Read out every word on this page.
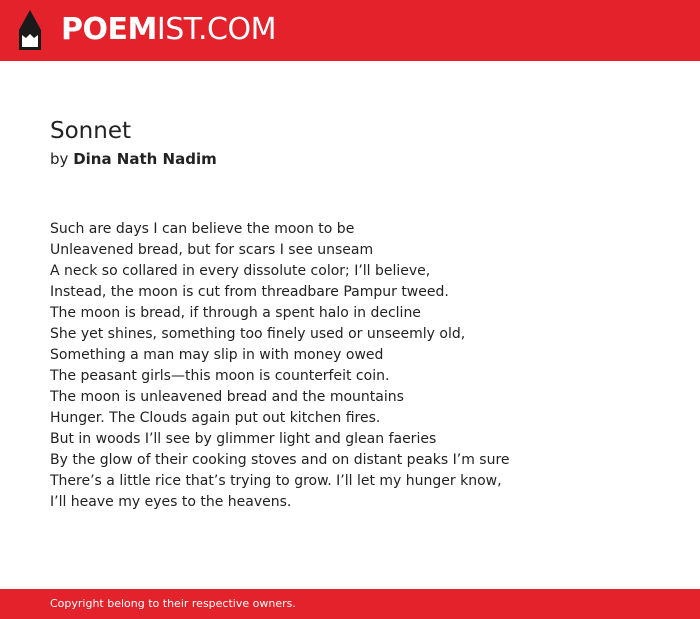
POEMIST.COM
Sonnet
by Dina Nath Nadim
Such are days I can believe the moon to be
Unleavened bread, but for scars I see unseam
A neck so collared in every dissolute color; I’ll believe,
Instead, the moon is cut from threadbare Pampur tweed.
The moon is bread, if through a spent halo in decline
She yet shines, something too finely used or unseemly old,
Something a man may slip in with money owed
The peasant girls—this moon is counterfeit coin.
The moon is unleavened bread and the mountains
Hunger. The Clouds again put out kitchen fires.
But in woods I’ll see by glimmer light and glean faeries
By the glow of their cooking stoves and on distant peaks I’m sure
There’s a little rice that’s trying to grow. I’ll let my hunger know,
I’ll heave my eyes to the heavens.
Copyright belong to their respective owners.
